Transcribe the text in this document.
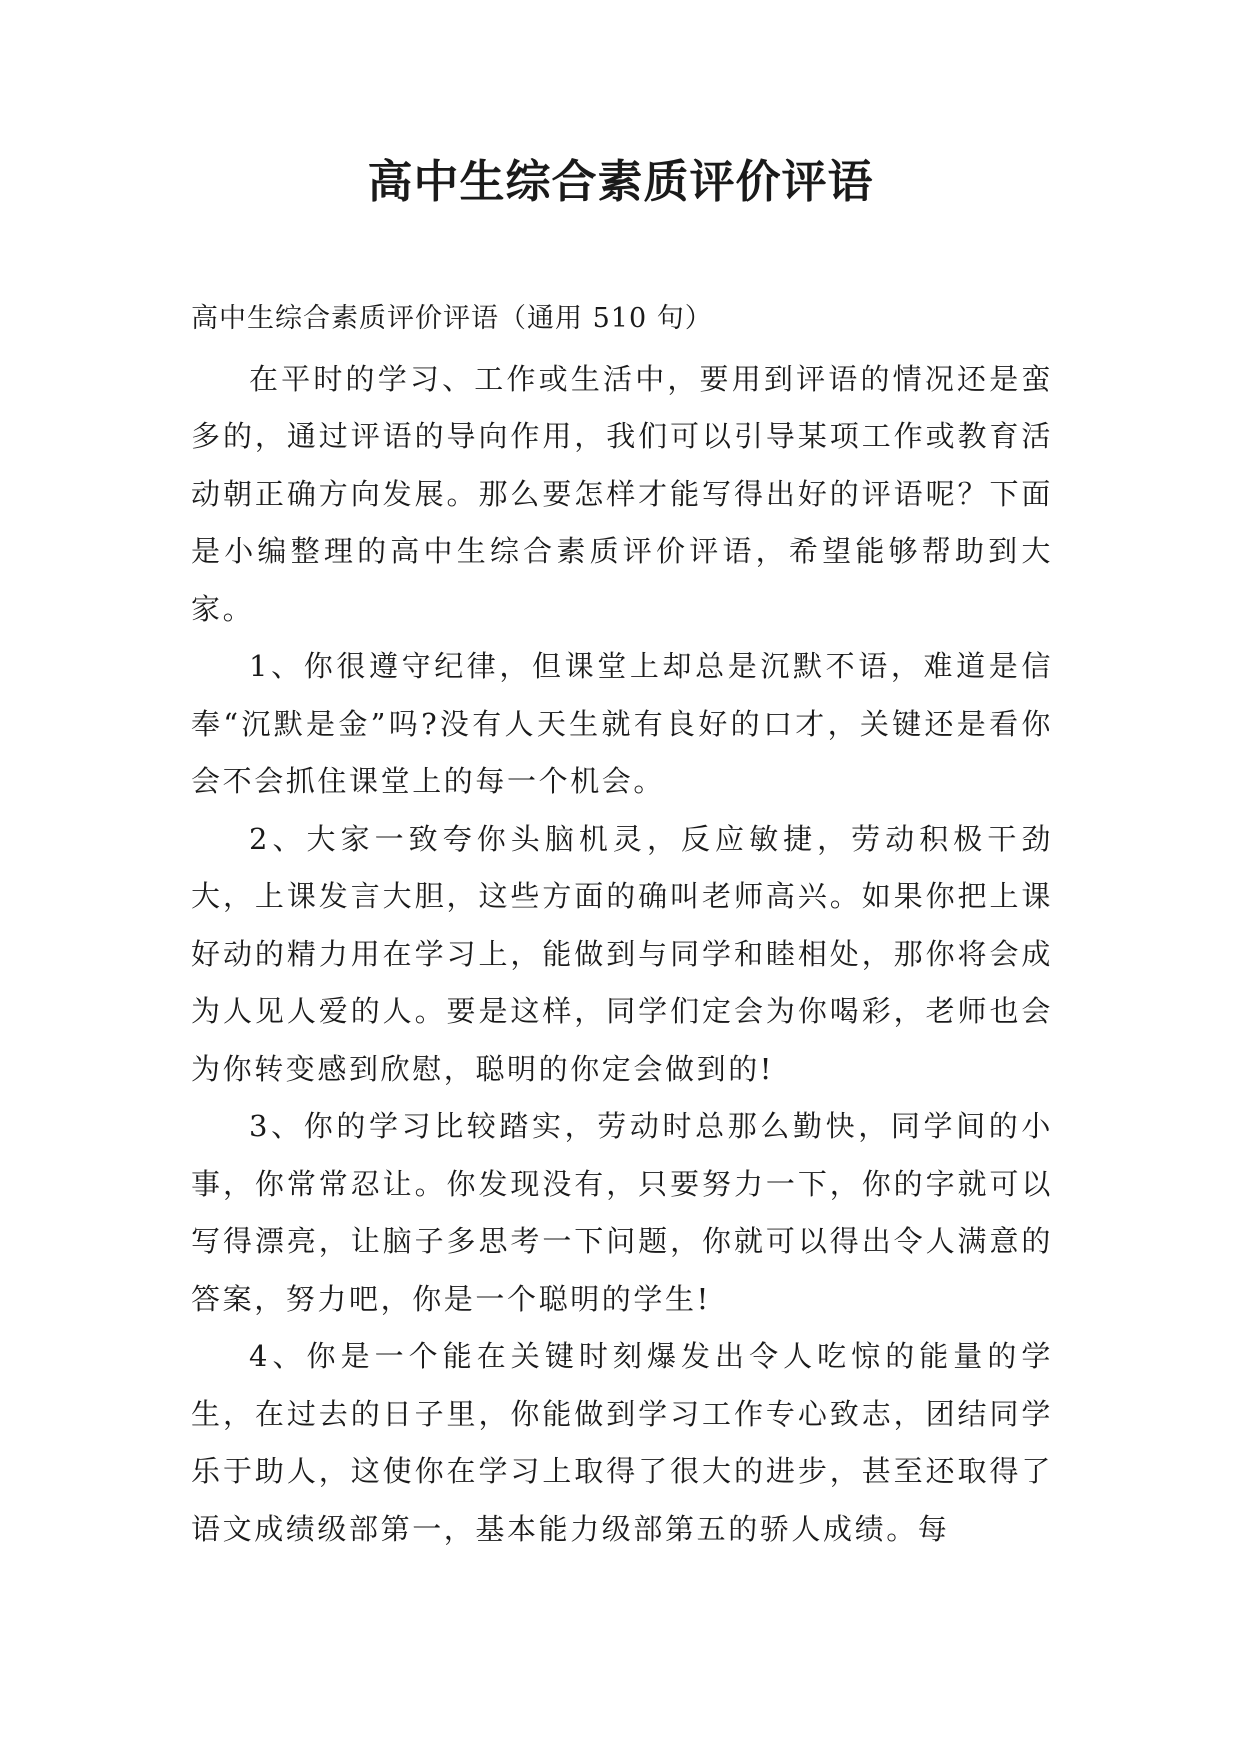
高中生综合素质评价评语

高中生综合素质评价评语（通用 510 句）

在平时的学习、工作或生活中，要用到评语的情况还是蛮多的，通过评语的导向作用，我们可以引导某项工作或教育活动朝正确方向发展。那么要怎样才能写得出好的评语呢？下面是小编整理的高中生综合素质评价评语，希望能够帮助到大家。

1、你很遵守纪律，但课堂上却总是沉默不语，难道是信奉“沉默是金”吗?没有人天生就有良好的口才，关键还是看你会不会抓住课堂上的每一个机会。

2、大家一致夸你头脑机灵，反应敏捷，劳动积极干劲大，上课发言大胆，这些方面的确叫老师高兴。如果你把上课好动的精力用在学习上，能做到与同学和睦相处，那你将会成为人见人爱的人。要是这样，同学们定会为你喝彩，老师也会为你转变感到欣慰，聪明的你定会做到的!

3、你的学习比较踏实，劳动时总那么勤快，同学间的小事，你常常忍让。你发现没有，只要努力一下，你的字就可以写得漂亮，让脑子多思考一下问题，你就可以得出令人满意的答案，努力吧，你是一个聪明的学生!

4、你是一个能在关键时刻爆发出令人吃惊的能量的学生，在过去的日子里，你能做到学习工作专心致志，团结同学乐于助人，这使你在学习上取得了很大的进步，甚至还取得了语文成绩级部第一，基本能力级部第五的骄人成绩。每
